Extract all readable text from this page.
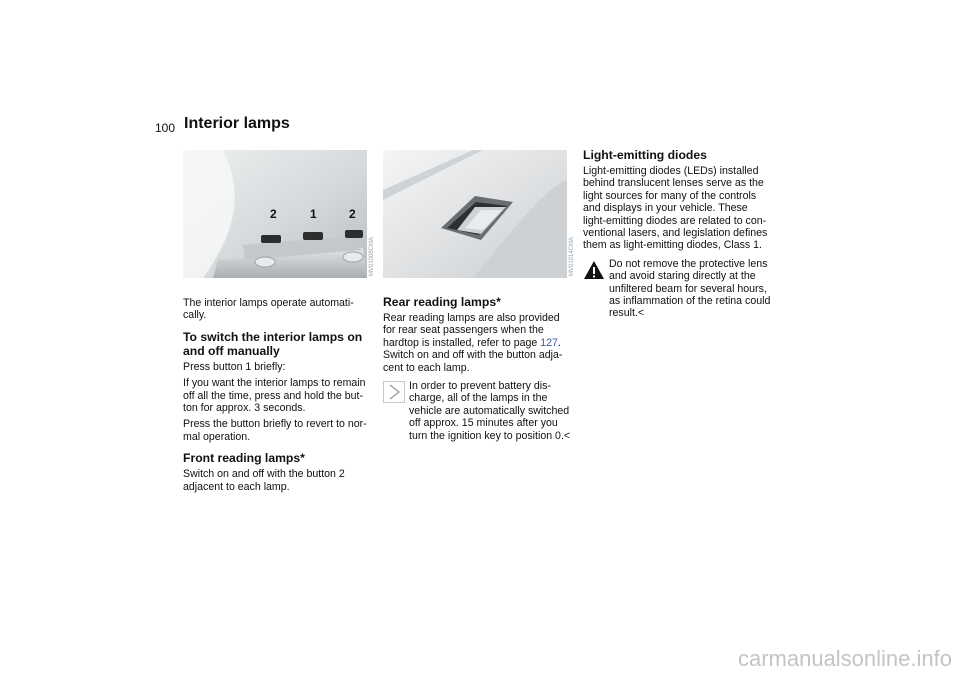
100 Interior lamps
2	1	2
MV01008CMA	MV01014CMA

The interior lamps operate automati-cally.

To switch the interior lamps on and off manually

Press button 1 briefly:

If you want the interior lamps to remain off all the time, press and hold the but-ton for approx. 3 seconds.

Press the button briefly to revert to nor-mal operation.

Front reading lamps*

Switch on and off with the button 2 adjacent to each lamp.

Rear reading lamps*

Rear reading lamps are also provided for rear seat passengers when the hardtop is installed, refer to page 127. Switch on and off with the button adja-cent to each lamp.

In order to prevent battery dis-charge, all of the lamps in the vehicle are automatically switched off approx. 15 minutes after you turn the ignition key to position 0.<
Light-emitting diodes

Light-emitting diodes (LEDs) installed behind translucent lenses serve as the light sources for many of the controls and displays in your vehicle. These light-emitting diodes are related to con-ventional lasers, and legislation defines them as light-emitting diodes, Class 1.

Do not remove the protective lens and avoid staring directly at the unfiltered beam for several hours, as inflammation of the retina could result.<
carmanualsonline.info
